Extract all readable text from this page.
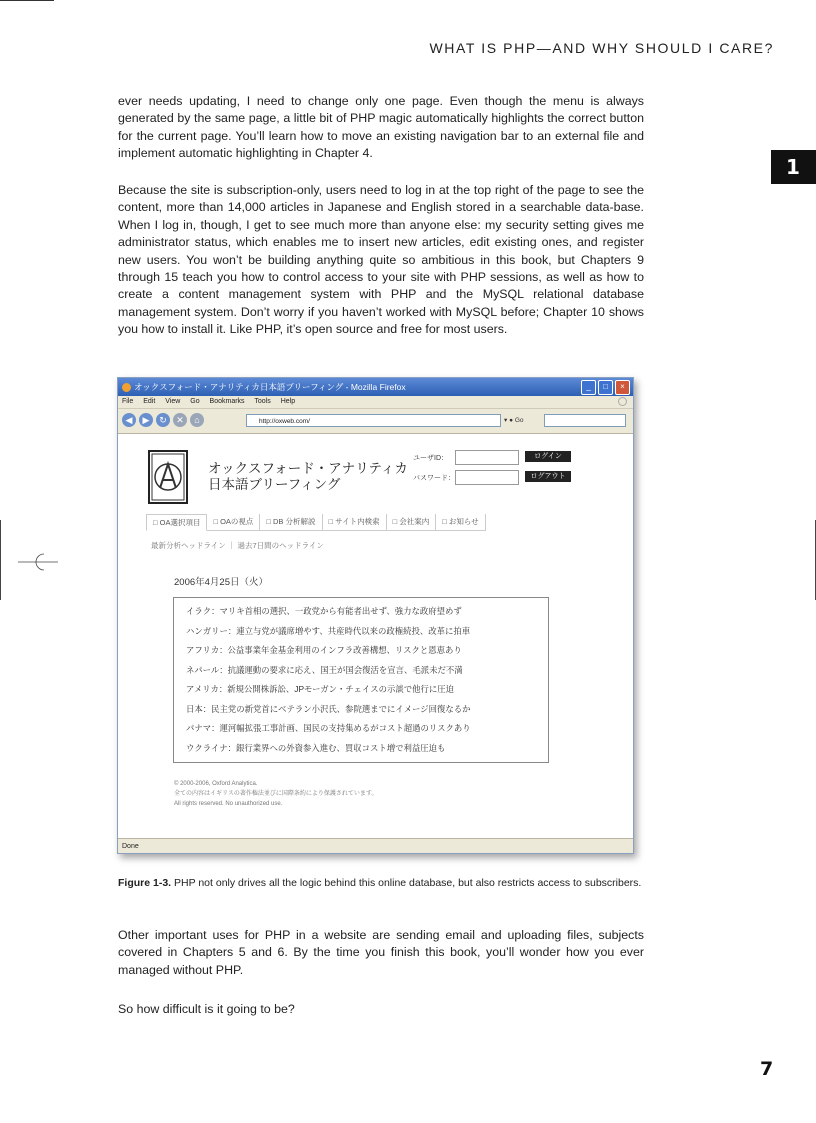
WHAT IS PHP—AND WHY SHOULD I CARE?
1

ever needs updating, I need to change only one page. Even though the menu is always generated by the same page, a little bit of PHP magic automatically highlights the correct button for the current page. You’ll learn how to move an existing navigation bar to an external file and implement automatic highlighting in Chapter 4.

Because the site is subscription-only, users need to log in at the top right of the page to see the content, more than 14,000 articles in Japanese and English stored in a searchable data-base. When I log in, though, I get to see much more than anyone else: my security setting gives me administrator status, which enables me to insert new articles, edit existing ones, and register new users. You won’t be building anything quite so ambitious in this book, but Chapters 9 through 15 teach you how to control access to your site with PHP sessions, as well as how to create a content management system with PHP and the MySQL relational database management system. Don’t worry if you haven’t worked with MySQL before; Chapter 10 shows you how to install it. Like PHP, it’s open source and free for most users.

オックスフォード・アナリティカ日本語ブリーフィング - Mozilla Firefox	_	□	×
File Edit View Go Bookmarks Tools Help
◀	▶	↻	✕	⌂	http://oxweb.com/	▾ ● Go
オックスフォード・アナリティカ
日本語ブリーフィング
ユーザID：	ログイン
パスワード：	ログアウト
□ OA選択項目	□ OAの視点	□ DB 分析解説	□ サイト内検索	□ 会社案内	□ お知らせ
最新分析ヘッドライン ｜ 過去7日間のヘッドライン
2006年4月25日（火）
イラク：マリキ首相の選択、一政党から有能者出せず、強力な政府望めず
ハンガリー：連立与党が議席増やす、共産時代以来の政権続投、改革に拍車
アフリカ：公益事業年金基金利用のインフラ改善構想、リスクと恩恵あり
ネパール：抗議運動の要求に応え、国王が国会復活を宣言、毛派未だ不満
アメリカ：新規公開株訴訟、JPモーガン・チェイスの示談で他行に圧迫
日本：民主党の新党首にベテラン小沢氏、参院選までにイメージ回復なるか
パナマ：運河幅拡張工事計画、国民の支持集めるがコスト超過のリスクあり
ウクライナ：銀行業界への外資参入進む、買収コスト増で利益圧迫も
© 2000-2006, Oxford Analytica.
全ての内容はイギリスの著作権法並びに国際条約により保護されています。
All rights reserved. No unauthorized use.
Done

Figure 1-3. PHP not only drives all the logic behind this online database, but also restricts access to subscribers.

Other important uses for PHP in a website are sending email and uploading files, subjects covered in Chapters 5 and 6. By the time you finish this book, you’ll wonder how you ever managed without PHP.

So how difficult is it going to be?

7
